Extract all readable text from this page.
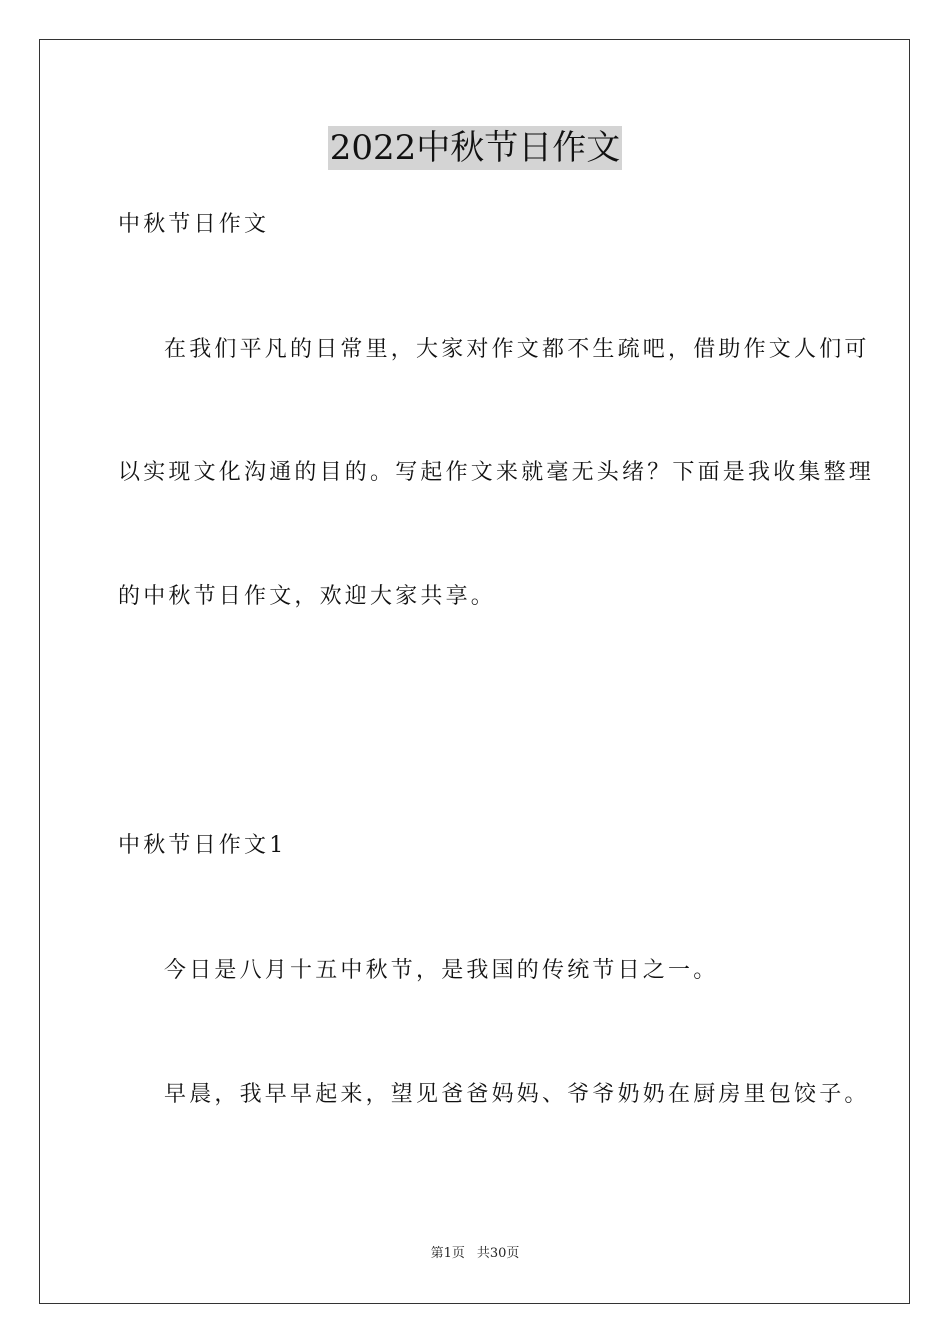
2022中秋节日作文
中秋节日作文
在我们平凡的日常里，大家对作文都不生疏吧，借助作文人们可
以实现文化沟通的目的。写起作文来就毫无头绪？下面是我收集整理
的中秋节日作文，欢迎大家共享。
中秋节日作文1
今日是八月十五中秋节，是我国的传统节日之一。
早晨，我早早起来，望见爸爸妈妈、爷爷奶奶在厨房里包饺子。
第1页 共30页
